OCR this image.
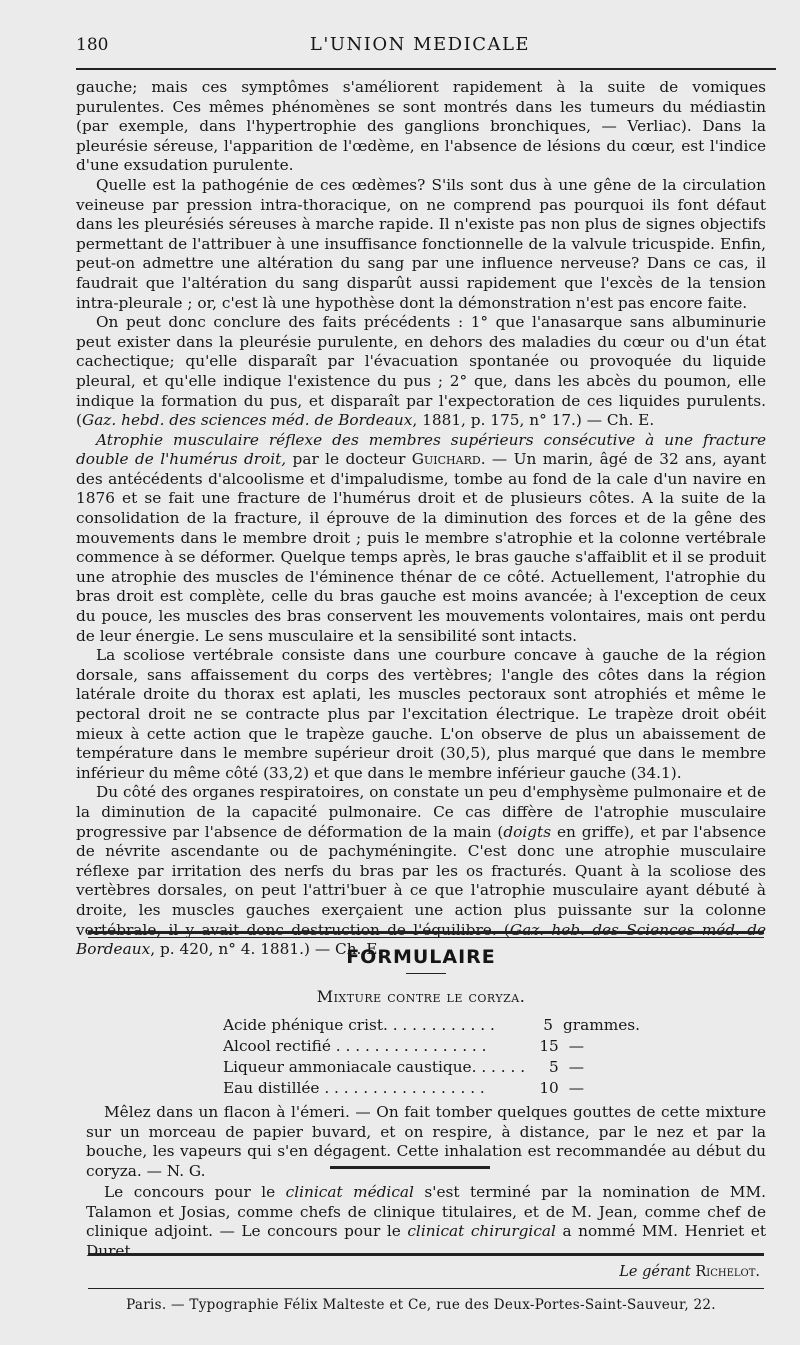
180	L'UNION MEDICALE

gauche; mais ces symptômes s'améliorent rapidement à la suite de vomiques purulentes. Ces mêmes phénomènes se sont montrés dans les tumeurs du médiastin (par exemple, dans l'hypertrophie des ganglions bronchiques, — Verliac). Dans la pleurésie séreuse, l'apparition de l'œdème, en l'absence de lésions du cœur, est l'indice d'une exsudation purulente.

Quelle est la pathogénie de ces œdèmes? S'ils sont dus à une gêne de la circulation veineuse par pression intra-thoracique, on ne comprend pas pourquoi ils font défaut dans les pleurésiés séreuses à marche rapide. Il n'existe pas non plus de signes objectifs permettant de l'attribuer à une insuffisance fonctionnelle de la valvule tricuspide. Enfin, peut-on admettre une altération du sang par une influence nerveuse? Dans ce cas, il faudrait que l'altération du sang disparût aussi rapidement que l'excès de la tension intra-pleurale ; or, c'est là une hypothèse dont la démonstration n'est pas encore faite.

On peut donc conclure des faits précédents : 1° que l'anasarque sans albuminurie peut exister dans la pleurésie purulente, en dehors des maladies du cœur ou d'un état cachectique; qu'elle disparaît par l'évacuation spontanée ou provoquée du liquide pleural, et qu'elle indique l'existence du pus ; 2° que, dans les abcès du poumon, elle indique la formation du pus, et disparaît par l'expectoration de ces liquides purulents. (Gaz. hebd. des sciences méd. de Bordeaux, 1881, p. 175, n° 17.) — Ch. E.

Atrophie musculaire réflexe des membres supérieurs consécutive à une fracture double de l'humérus droit, par le docteur Guichard. — Un marin, âgé de 32 ans, ayant des antécédents d'alcoolisme et d'impaludisme, tombe au fond de la cale d'un navire en 1876 et se fait une fracture de l'humérus droit et de plusieurs côtes. A la suite de la consolidation de la fracture, il éprouve de la diminution des forces et de la gêne des mouvements dans le membre droit ; puis le membre s'atrophie et la colonne vertébrale commence à se déformer. Quelque temps après, le bras gauche s'affaiblit et il se produit une atrophie des muscles de l'éminence thénar de ce côté. Actuellement, l'atrophie du bras droit est complète, celle du bras gauche est moins avancée; à l'exception de ceux du pouce, les muscles des bras conservent les mouvements volontaires, mais ont perdu de leur énergie. Le sens musculaire et la sensibilité sont intacts.

La scoliose vertébrale consiste dans une courbure concave à gauche de la région dorsale, sans affaissement du corps des vertèbres; l'angle des côtes dans la région latérale droite du thorax est aplati, les muscles pectoraux sont atrophiés et même le pectoral droit ne se contracte plus par l'excitation électrique. Le trapèze droit obéit mieux à cette action que le trapèze gauche. L'on observe de plus un abaissement de température dans le membre supérieur droit (30,5), plus marqué que dans le membre inférieur du même côté (33,2) et que dans le membre inférieur gauche (34.1).

Du côté des organes respiratoires, on constate un peu d'emphysème pulmonaire et de la diminution de la capacité pulmonaire. Ce cas diffère de l'atrophie musculaire progressive par l'absence de déformation de la main (doigts en griffe), et par l'absence de névrite ascendante ou de pachyméningite. C'est donc une atrophie musculaire réflexe par irritation des nerfs du bras par les os fracturés. Quant à la scoliose des vertèbres dorsales, on peut l'attri'buer à ce que l'atrophie musculaire ayant débuté à droite, les muscles gauches exerçaient une action plus puissante sur la colonne vertébrale, il y avait donc destruction de l'équilibre. (Gaz. heb. des Sciences méd. de Bordeaux, p. 420, n° 4. 1881.) — Ch. E.

FORMULAIRE
Mixture contre le coryza.
Acide phénique crist. . . . . . . . . . . .	5 grammes.
Alcool rectifié . . . . . . . . . . . . . . . .	15 —
Liqueur ammoniacale caustique. . . . . .	5 —
Eau distillée . . . . . . . . . . . . . . . . .	10 —

Mêlez dans un flacon à l'émeri. — On fait tomber quelques gouttes de cette mixture sur un morceau de papier buvard, et on respire, à distance, par le nez et par la bouche, les vapeurs qui s'en dégagent. Cette inhalation est recommandée au début du coryza. — N. G.

Le concours pour le clinicat médical s'est terminé par la nomination de MM. Talamon et Josias, comme chefs de clinique titulaires, et de M. Jean, comme chef de clinique adjoint. — Le concours pour le clinicat chirurgical a nommé MM. Henriet et Duret.

Le gérant Richelot.
Paris. — Typographie Félix Malteste et Ce, rue des Deux-Portes-Saint-Sauveur, 22.
